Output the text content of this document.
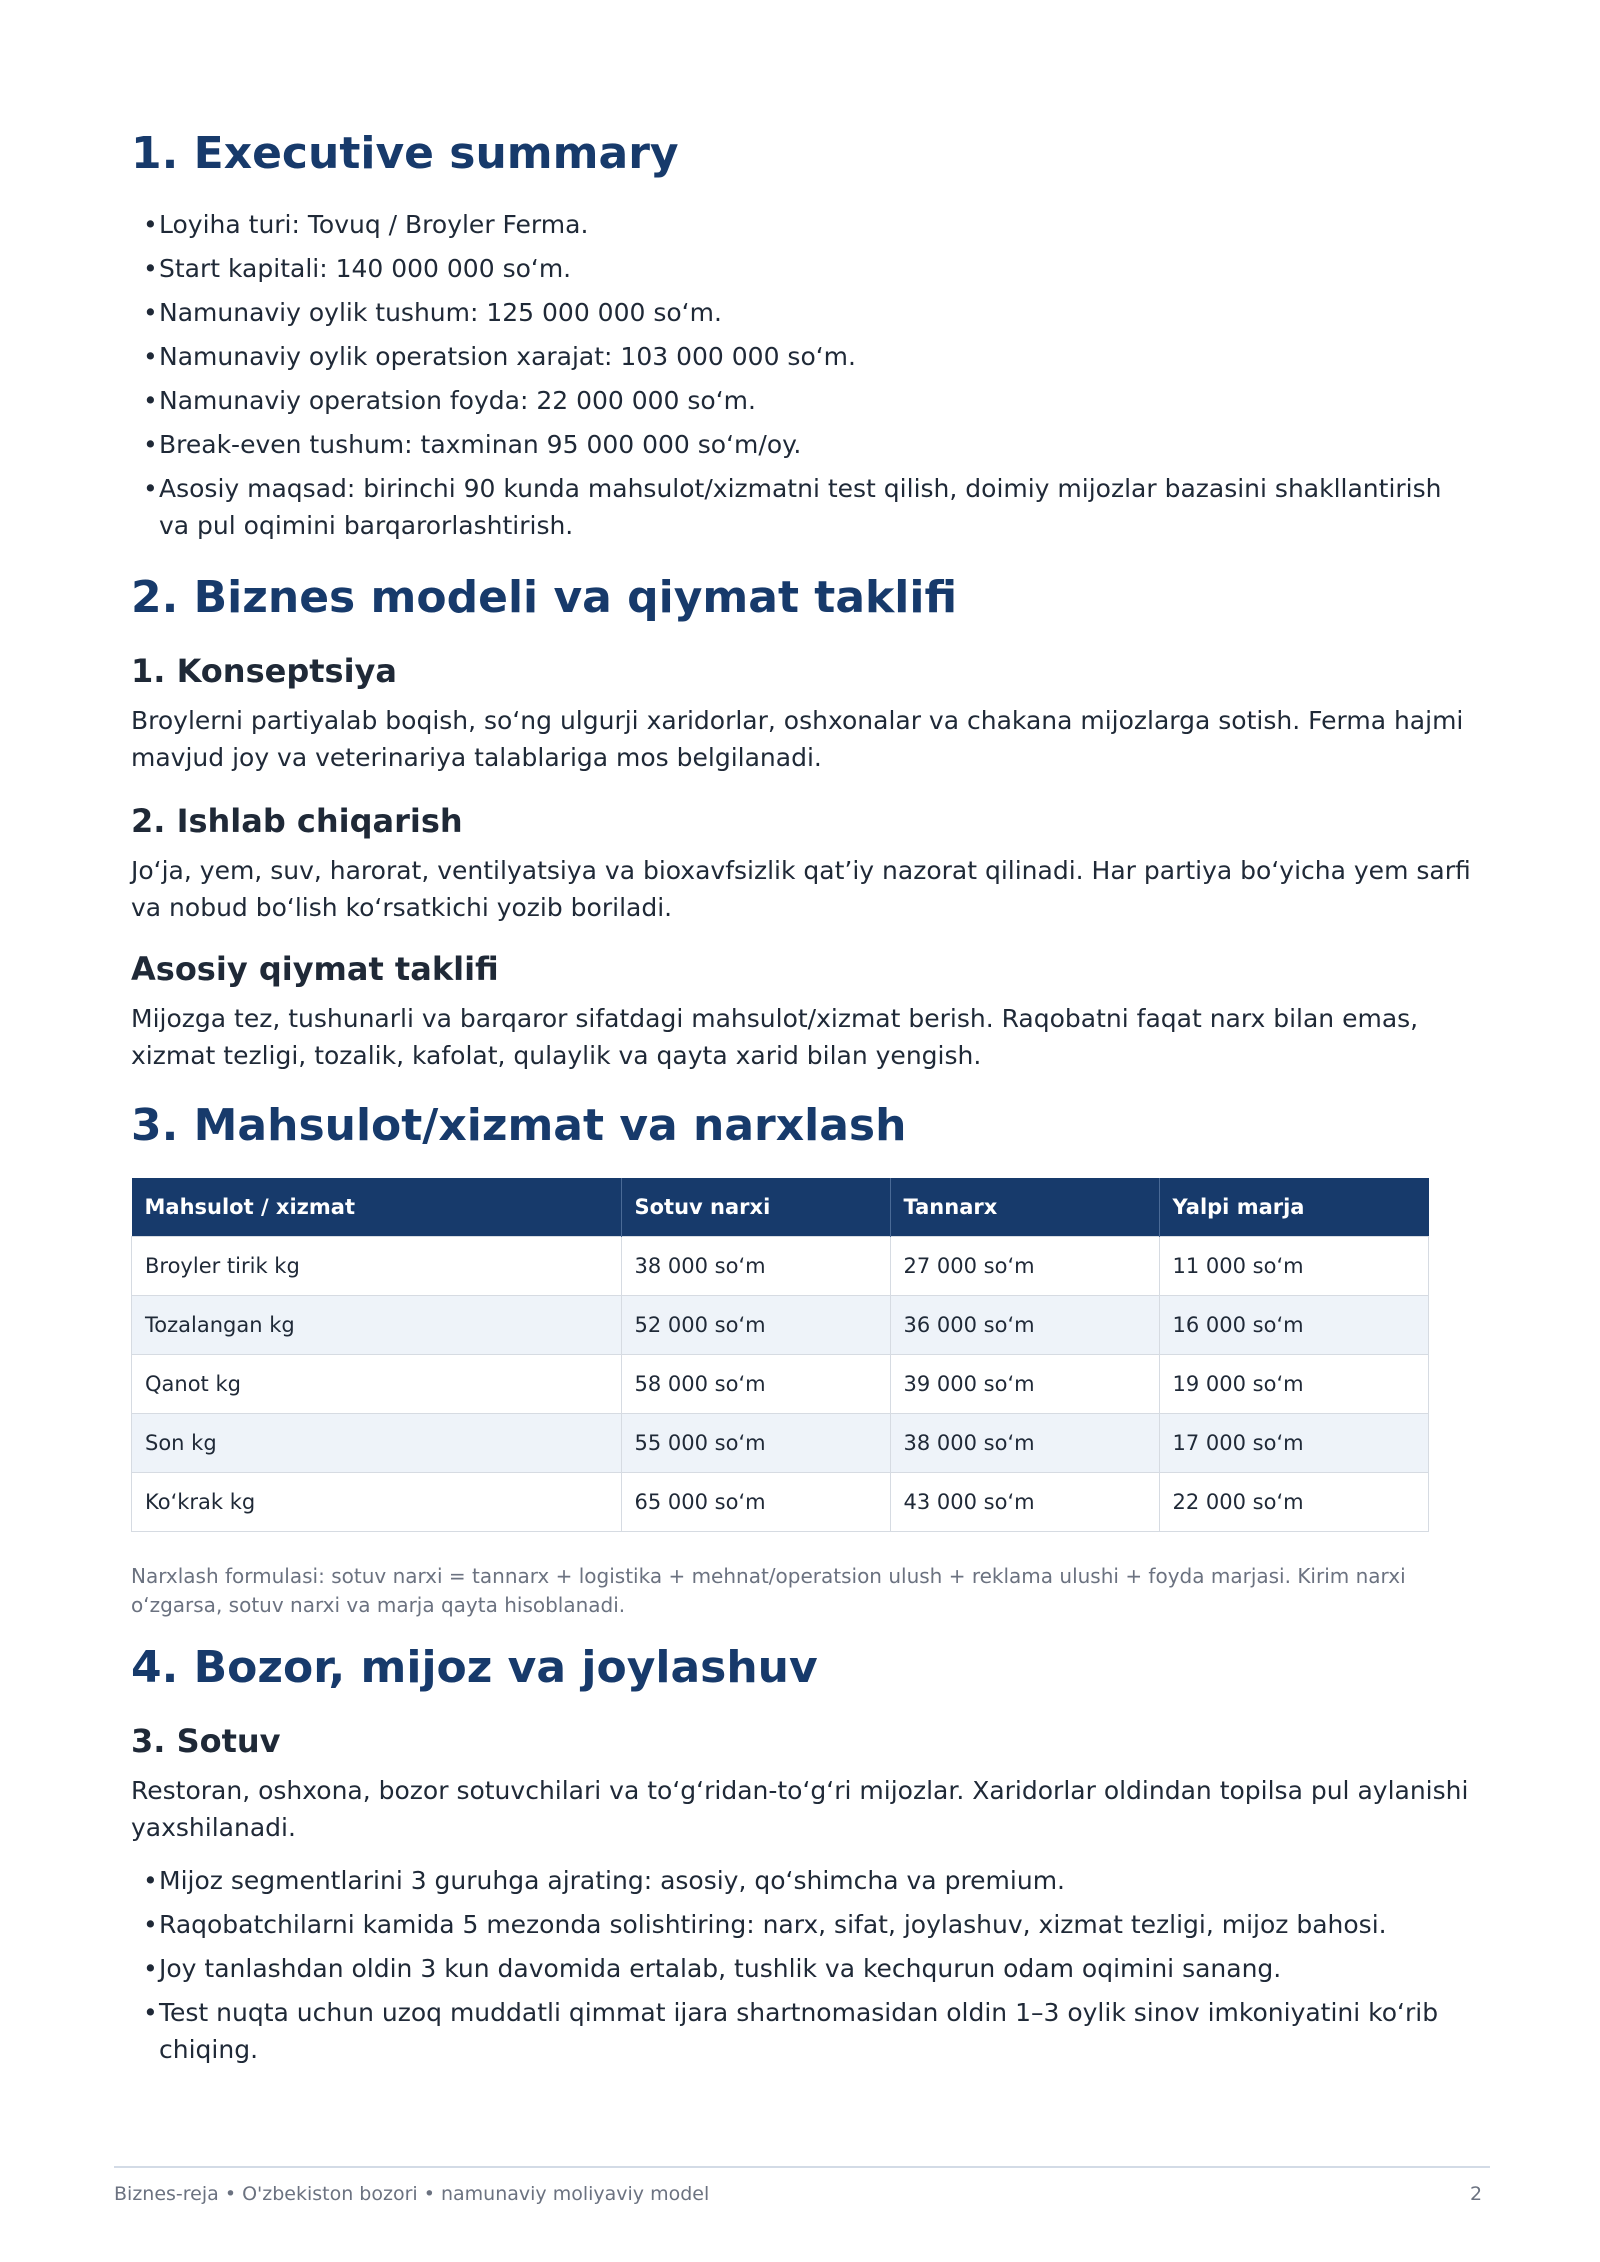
1. Executive summary
• Loyiha turi: Tovuq / Broyler Ferma.
• Start kapitali: 140 000 000 so‘m.
• Namunaviy oylik tushum: 125 000 000 so‘m.
• Namunaviy oylik operatsion xarajat: 103 000 000 so‘m.
• Namunaviy operatsion foyda: 22 000 000 so‘m.
• Break-even tushum: taxminan 95 000 000 so‘m/oy.
• Asosiy maqsad: birinchi 90 kunda mahsulot/xizmatni test qilish, doimiy mijozlar bazasini shakllantirish va pul oqimini barqarorlashtirish.
2. Biznes modeli va qiymat taklifi
1. Konseptsiya

Broylerni partiyalab boqish, so‘ng ulgurji xaridorlar, oshxonalar va chakana mijozlarga sotish. Ferma hajmi mavjud joy va veterinariya talablariga mos belgilanadi.

2. Ishlab chiqarish

Jo‘ja, yem, suv, harorat, ventilyatsiya va bioxavfsizlik qat’iy nazorat qilinadi. Har partiya bo‘yicha yem sarfi va nobud bo‘lish ko‘rsatkichi yozib boriladi.

Asosiy qiymat taklifi

Mijozga tez, tushunarli va barqaror sifatdagi mahsulot/xizmat berish. Raqobatni faqat narx bilan emas, xizmat tezligi, tozalik, kafolat, qulaylik va qayta xarid bilan yengish.

3. Mahsulot/xizmat va narxlash
Mahsulot / xizmat	Sotuv narxi	Tannarx	Yalpi marja
Broyler tirik kg	38 000 so‘m	27 000 so‘m	11 000 so‘m
Tozalangan kg	52 000 so‘m	36 000 so‘m	16 000 so‘m
Qanot kg	58 000 so‘m	39 000 so‘m	19 000 so‘m
Son kg	55 000 so‘m	38 000 so‘m	17 000 so‘m
Ko‘krak kg	65 000 so‘m	43 000 so‘m	22 000 so‘m

Narxlash formulasi: sotuv narxi = tannarx + logistika + mehnat/operatsion ulush + reklama ulushi + foyda marjasi. Kirim narxi o‘zgarsa, sotuv narxi va marja qayta hisoblanadi.

4. Bozor, mijoz va joylashuv
3. Sotuv

Restoran, oshxona, bozor sotuvchilari va to‘g‘ridan-to‘g‘ri mijozlar. Xaridorlar oldindan topilsa pul aylanishi yaxshilanadi.

• Mijoz segmentlarini 3 guruhga ajrating: asosiy, qo‘shimcha va premium.
• Raqobatchilarni kamida 5 mezonda solishtiring: narx, sifat, joylashuv, xizmat tezligi, mijoz bahosi.
• Joy tanlashdan oldin 3 kun davomida ertalab, tushlik va kechqurun odam oqimini sanang.
• Test nuqta uchun uzoq muddatli qimmat ijara shartnomasidan oldin 1–3 oylik sinov imkoniyatini ko‘rib chiqing.
Biznes-reja • O'zbekiston bozori • namunaviy moliyaviy model	2
